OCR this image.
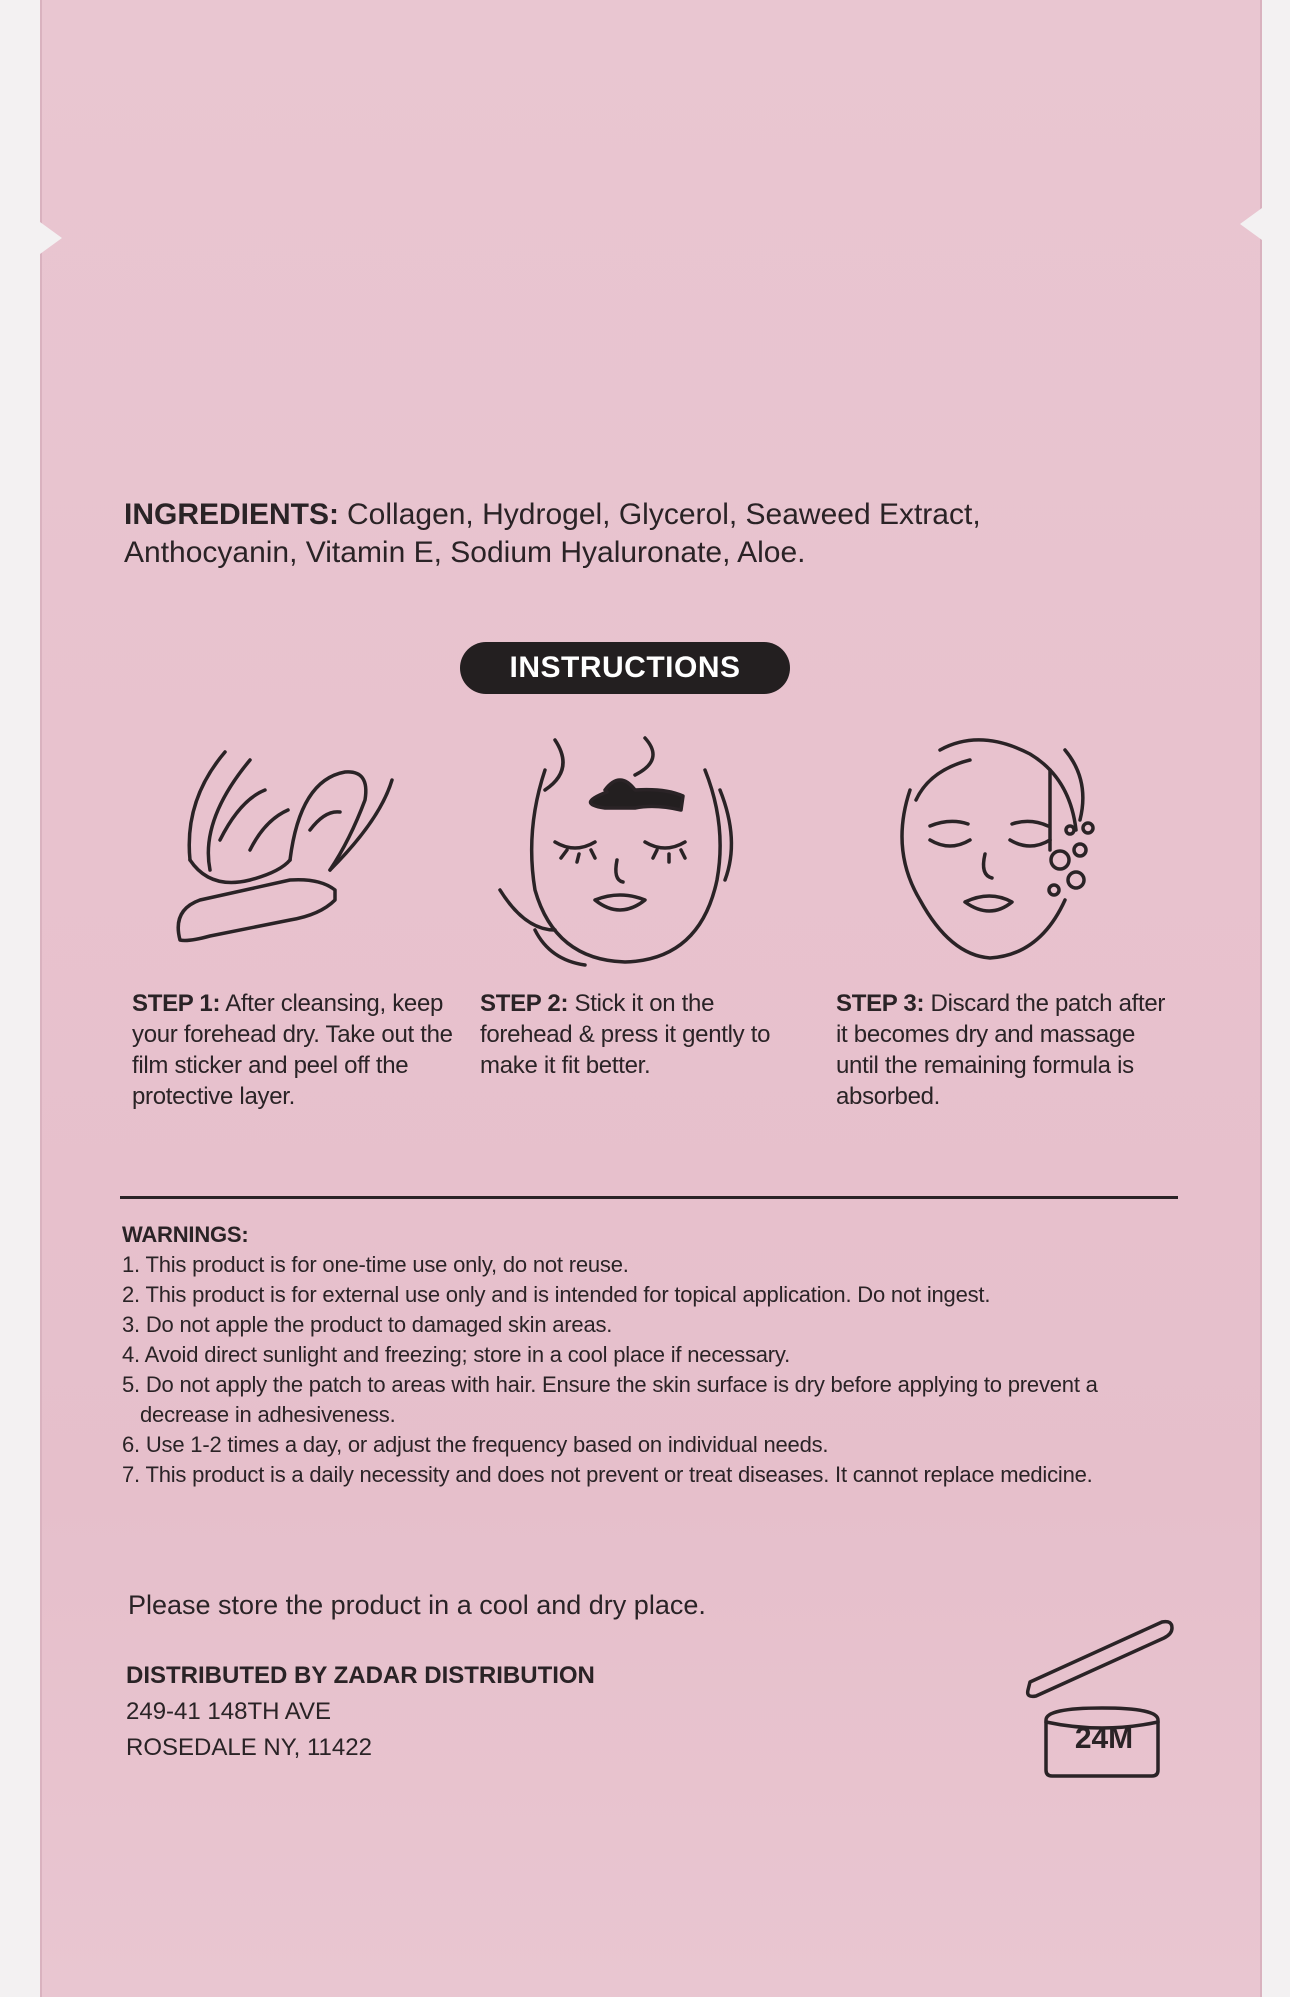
INGREDIENTS: Collagen, Hydrogel, Glycerol, Seaweed Extract, Anthocyanin, Vitamin E, Sodium Hyaluronate, Aloe.
INSTRUCTIONS
STEP 1: After cleansing, keep your forehead dry. Take out the film sticker and peel off the protective layer.
STEP 2: Stick it on the forehead & press it gently to make it fit better.
STEP 3: Discard the patch after it becomes dry and massage until the remaining formula is absorbed.
WARNINGS:
1. This product is for one-time use only, do not reuse.
2. This product is for external use only and is intended for topical application. Do not ingest.
3. Do not apple the product to damaged skin areas.
4. Avoid direct sunlight and freezing; store in a cool place if necessary.
5. Do not apply the patch to areas with hair. Ensure the skin surface is dry before applying to prevent a decrease in adhesiveness.
6. Use 1-2 times a day, or adjust the frequency based on individual needs.
7. This product is a daily necessity and does not prevent or treat diseases. It cannot replace medicine.
Please store the product in a cool and dry place.
DISTRIBUTED BY ZADAR DISTRIBUTION
249-41 148TH AVE
ROSEDALE NY, 11422	24M
